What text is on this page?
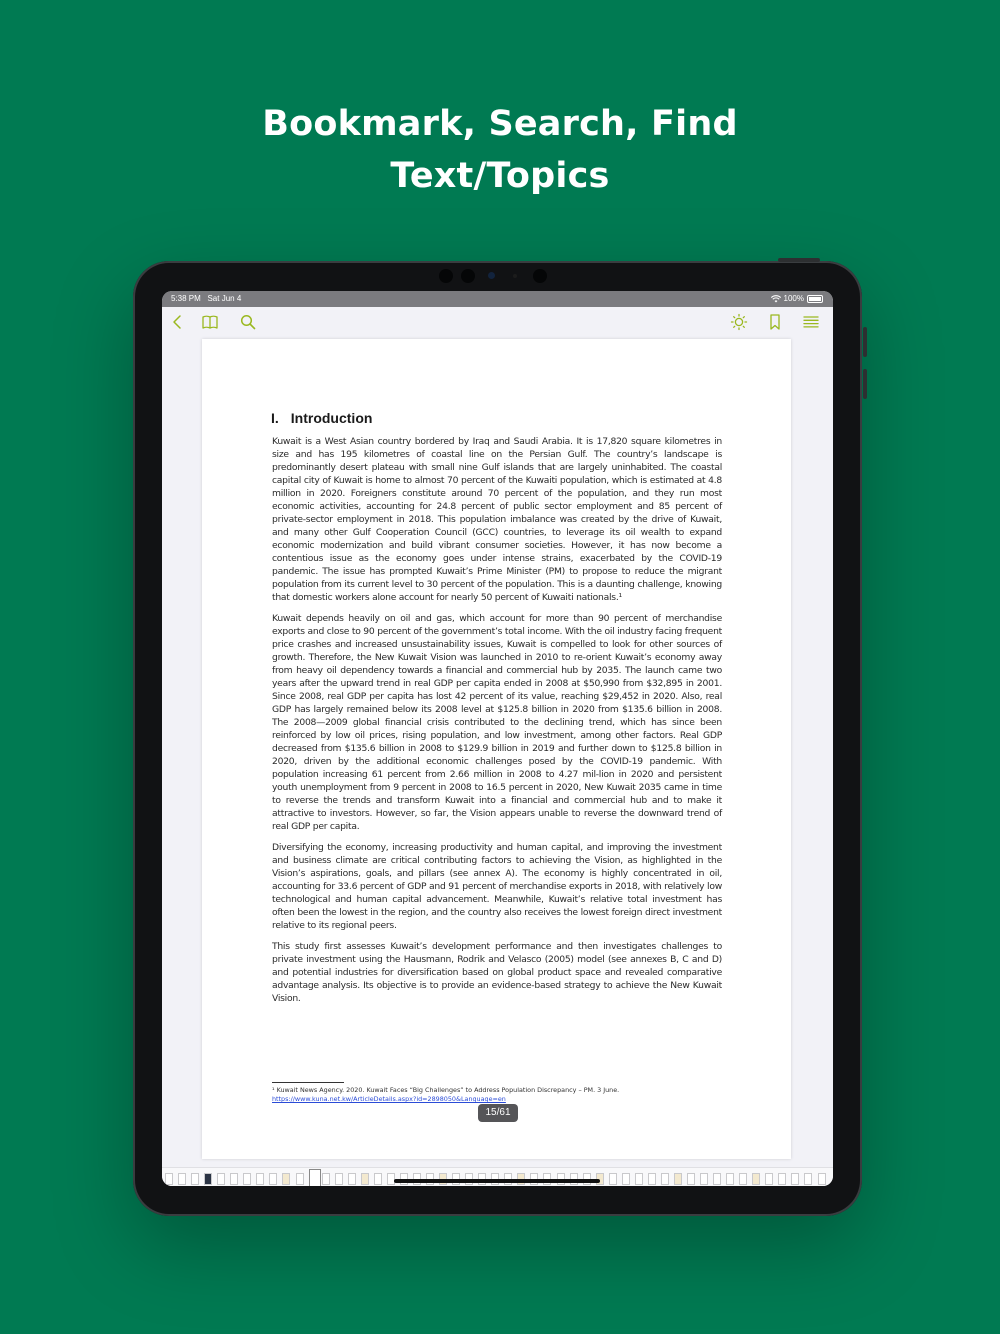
Bookmark, Search, Find
Text/Topics
5:38 PM Sat Jun 4	100%
I. Introduction

Kuwait is a West Asian country bordered by Iraq and Saudi Arabia. It is 17,820 square kilometres in size and has 195 kilometres of coastal line on the Persian Gulf. The country’s landscape is predominantly desert plateau with small nine Gulf islands that are largely uninhabited. The coastal capital city of Kuwait is home to almost 70 percent of the Kuwaiti population, which is estimated at 4.8 million in 2020. Foreigners constitute around 70 percent of the population, and they run most economic activities, accounting for 24.8 percent of public sector employment and 85 percent of private-sector employment in 2018. This population imbalance was created by the drive of Kuwait, and many other Gulf Cooperation Council (GCC) countries, to leverage its oil wealth to expand economic modernization and build vibrant consumer societies. However, it has now become a contentious issue as the economy goes under intense strains, exacerbated by the COVID-19 pandemic. The issue has prompted Kuwait’s Prime Minister (PM) to propose to reduce the migrant population from its current level to 30 percent of the population. This is a daunting challenge, knowing that domestic workers alone account for nearly 50 percent of Kuwaiti nationals.¹

Kuwait depends heavily on oil and gas, which account for more than 90 percent of merchandise exports and close to 90 percent of the government’s total income. With the oil industry facing frequent price crashes and increased unsustainability issues, Kuwait is compelled to look for other sources of growth. Therefore, the New Kuwait Vision was launched in 2010 to re-orient Kuwait’s economy away from heavy oil dependency towards a financial and commercial hub by 2035. The launch came two years after the upward trend in real GDP per capita ended in 2008 at $50,990 from $32,895 in 2001. Since 2008, real GDP per capita has lost 42 percent of its value, reaching $29,452 in 2020. Also, real GDP has largely remained below its 2008 level at $125.8 billion in 2020 from $135.6 billion in 2008. The 2008—2009 global financial crisis contributed to the declining trend, which has since been reinforced by low oil prices, rising population, and low investment, among other factors. Real GDP decreased from $135.6 billion in 2008 to $129.9 billion in 2019 and further down to $125.8 billion in 2020, driven by the additional economic challenges posed by the COVID-19 pandemic. With population increasing 61 percent from 2.66 million in 2008 to 4.27 mil-lion in 2020 and persistent youth unemployment from 9 percent in 2008 to 16.5 percent in 2020, New Kuwait 2035 came in time to reverse the trends and transform Kuwait into a financial and commercial hub and to make it attractive to investors. However, so far, the Vision appears unable to reverse the downward trend of real GDP per capita.

Diversifying the economy, increasing productivity and human capital, and improving the investment and business climate are critical contributing factors to achieving the Vision, as highlighted in the Vision’s aspirations, goals, and pillars (see annex A). The economy is highly concentrated in oil, accounting for 33.6 percent of GDP and 91 percent of merchandise exports in 2018, with relatively low technological and human capital advancement. Meanwhile, Kuwait’s relative total investment has often been the lowest in the region, and the country also receives the lowest foreign direct investment relative to its regional peers.

This study first assesses Kuwait’s development performance and then investigates challenges to private investment using the Hausmann, Rodrik and Velasco (2005) model (see annexes B, C and D) and potential industries for diversification based on global product space and revealed comparative advantage analysis. Its objective is to provide an evidence-based strategy to achieve the New Kuwait Vision.

¹ Kuwait News Agency. 2020. Kuwait Faces “Big Challenges” to Address Population Discrepancy – PM. 3 June. https://www.kuna.net.kw/ArticleDetails.aspx?id=2898050&Language=en
15/61
